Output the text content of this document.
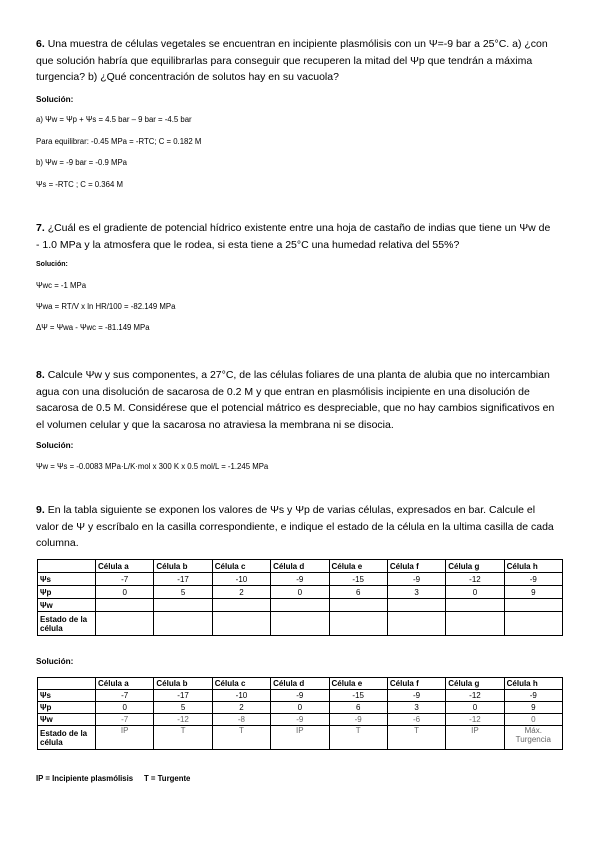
6. Una muestra de células vegetales se encuentran en incipiente plasmólisis con un Ψ=-9 bar a 25°C. a) ¿con que solución habría que equilibrarlas para conseguir que recuperen la mitad del Ψp que tendrán a máxima turgencia? b) ¿Qué concentración de solutos hay en su vacuola?
Solución:
a) Ψw = Ψp + Ψs = 4.5 bar – 9 bar = -4.5 bar
Para equilibrar: -0.45 MPa = -RTC; C = 0.182 M
b) Ψw = -9 bar = -0.9 MPa
Ψs = -RTC ; C = 0.364 M
7. ¿Cuál es el gradiente de potencial hídrico existente entre una hoja de castaño de indias que tiene un Ψw de - 1.0 MPa y la atmosfera que le rodea, si esta tiene a 25°C una humedad relativa del 55%?
Solución:
Ψwc = -1 MPa
Ψwa = RT/V x ln HR/100 = -82.149 MPa
ΔΨ = Ψwa - Ψwc = -81.149 MPa
8. Calcule Ψw y sus componentes, a 27°C, de las células foliares de una planta de alubia que no intercambian agua con una disolución de sacarosa de 0.2 M y que entran en plasmólisis incipiente en una disolución de sacarosa de 0.5 M. Considérese que el potencial mátrico es despreciable, que no hay cambios significativos en el volumen celular y que la sacarosa no atraviesa la membrana ni se disocia.
Solución:
Ψw = Ψs = -0.0083 MPa·L/K·mol x 300 K x 0.5 mol/L = -1.245 MPa
9. En la tabla siguiente se exponen los valores de Ψs y Ψp de varias células, expresados en bar. Calcule el valor de Ψ y escríbalo en la casilla correspondiente, e indique el estado de la célula en la ultima casilla de cada columna.
	Célula a	Célula b	Célula c	Célula d	Célula e	Célula f	Célula g	Célula h
Ψs	-7	-17	-10	-9	-15	-9	-12	-9
Ψp	0	5	2	0	6	3	0	9
Ψw								
Estado de la célula								
Solución:
	Célula a	Célula b	Célula c	Célula d	Célula e	Célula f	Célula g	Célula h
Ψs	-7	-17	-10	-9	-15	-9	-12	-9
Ψp	0	5	2	0	6	3	0	9
Ψw	-7	-12	-8	-9	-9	-6	-12	0
Estado de la célula	IP	T	T	IP	T	T	IP	Máx. Turgencia
IP = Incipiente plasmólisis     T = Turgente
